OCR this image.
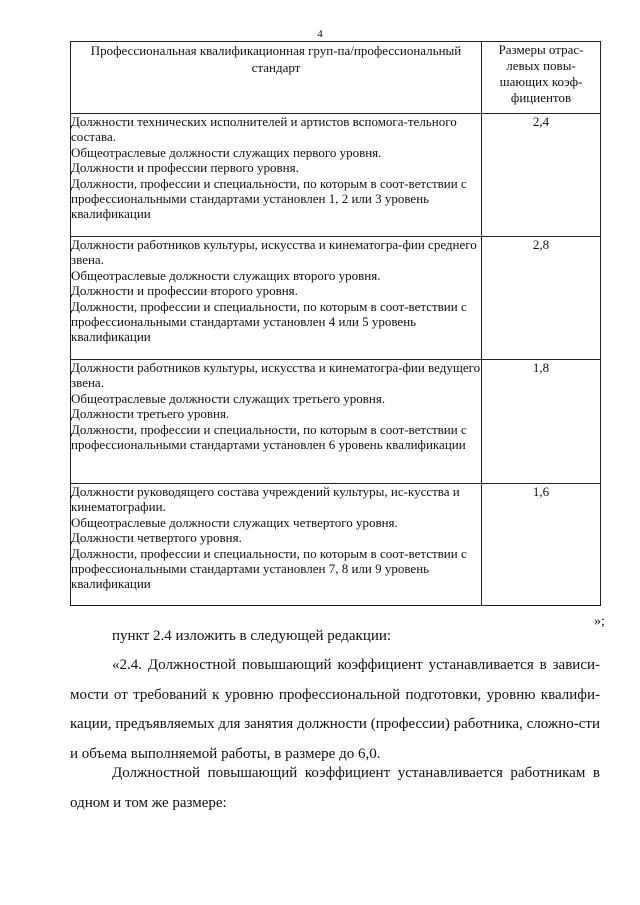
4
Профессиональная квалификационная груп-па/профессиональный стандарт	Размеры отрас-левых повы-шающих коэф-фициентов

Должности технических исполнителей и артистов вспомога-тельного состава.
Общеотраслевые должности служащих первого уровня.
Должности и профессии первого уровня.
Должности, профессии и специальности, по которым в соот-ветствии с профессиональными стандартами установлен 1, 2 или 3 уровень квалификации	2,4

Должности работников культуры, искусства и кинематогра-фии среднего звена.
Общеотраслевые должности служащих второго уровня.
Должности и профессии второго уровня.
Должности, профессии и специальности, по которым в соот-ветствии с профессиональными стандартами установлен 4 или 5 уровень квалификации	2,8

Должности работников культуры, искусства и кинематогра-фии ведущего звена.
Общеотраслевые должности служащих третьего уровня.
Должности третьего уровня.
Должности, профессии и специальности, по которым в соот-ветствии с профессиональными стандартами установлен 6 уровень квалификации	1,8

Должности руководящего состава учреждений культуры, ис-кусства и кинематографии.
Общеотраслевые должности служащих четвертого уровня.
Должности четвертого уровня.
Должности, профессии и специальности, по которым в соот-ветствии с профессиональными стандартами установлен 7, 8 или 9 уровень квалификации	1,6
»;
пункт 2.4 изложить в следующей редакции:
«2.4. Должностной повышающий коэффициент устанавливается в зависи-мости от требований к уровню профессиональной подготовки, уровню квалифи-кации, предъявляемых для занятия должности (профессии) работника, сложно-сти и объема выполняемой работы, в размере до 6,0.
Должностной повышающий коэффициент устанавливается работникам в одном и том же размере:
